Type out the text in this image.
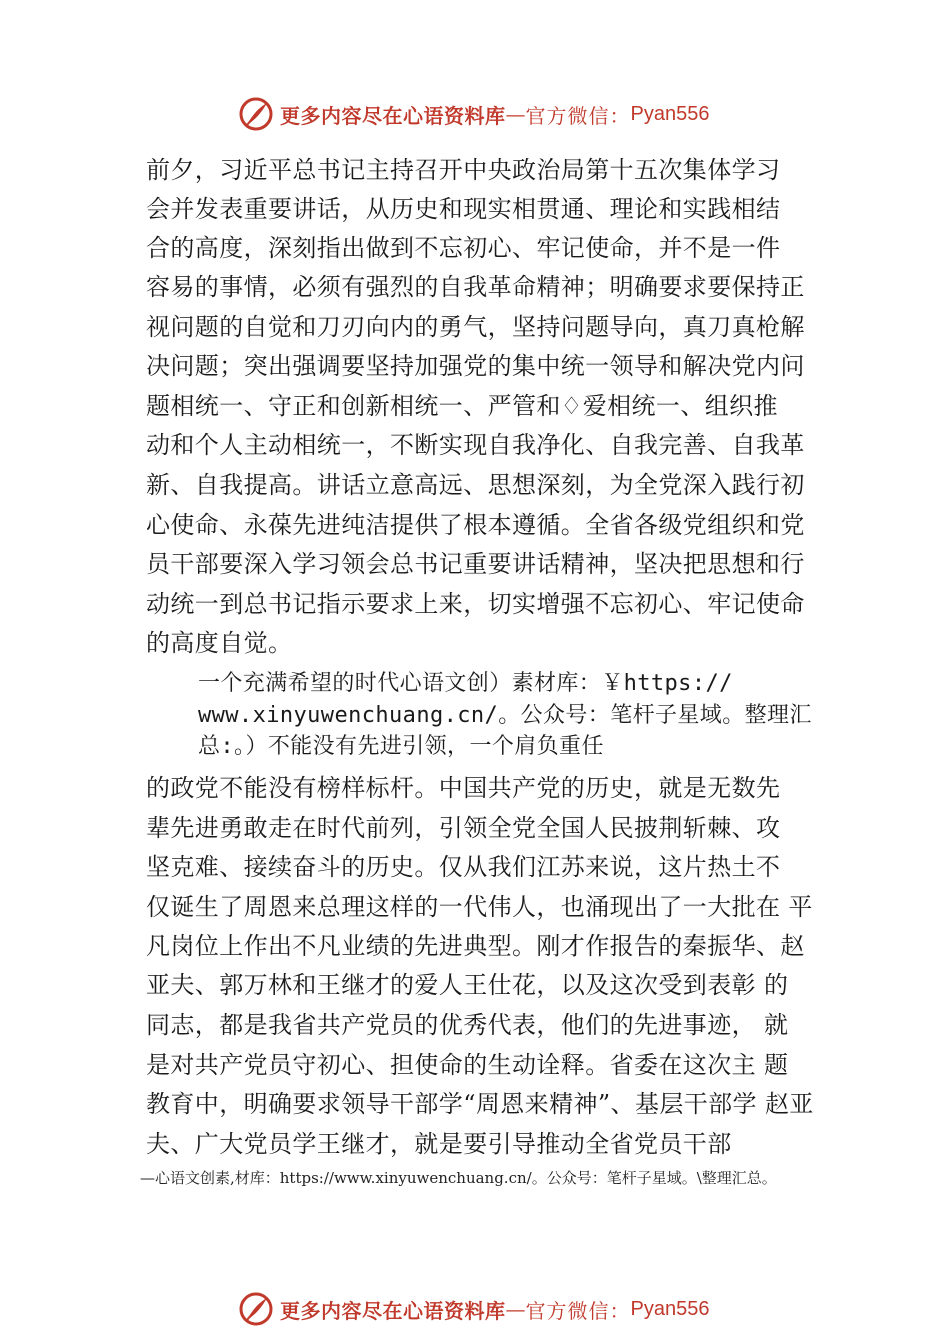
更多内容尽在心语资料库 — 官方微信： Pyan556
前夕，习近平总书记主持召开中央政治局第十五次集体学习
会并发表重要讲话，从历史和现实相贯通、理论和实践相结
合的高度，深刻指出做到不忘初心、牢记使命，并不是一件
容易的事情，必须有强烈的自我革命精神；明确要求要保持正
视问题的自觉和刀刃向内的勇气，坚持问题导向，真刀真枪解
决问题；突出强调要坚持加强党的集中统一领导和解决党内问
题相统一、守正和创新相统一、严管和♢爱相统一、组织推
动和个人主动相统一，不断实现自我净化、自我完善、自我革
新、自我提高。讲话立意高远、思想深刻，为全党深入践行初
心使命、永葆先进纯洁提供了根本遵循。全省各级党组织和党
员干部要深入学习领会总书记重要讲话精神，坚决把思想和行
动统一到总书记指示要求上来，切实增强不忘初心、牢记使命
的高度自觉。
一个充满希望的时代心语文创）素材库：￥https://
www.xinyuwenchuang.cn/。公众号：笔杆子星域。整理汇
总:。）不能没有先进引领，一个肩负重任
的政党不能没有榜样标杆。中国共产党的历史，就是无数先
辈先进勇敢走在时代前列，引领全党全国人民披荆斩棘、攻
坚克难、接续奋斗的历史。仅从我们江苏来说，这片热土不
仅诞生了周恩来总理这样的一代伟人，也涌现出了一大批在 平
凡岗位上作出不凡业绩的先进典型。刚才作报告的秦振华、赵
亚夫、郭万林和王继才的爱人王仕花，以及这次受到表彰 的
同志，都是我省共产党员的优秀代表，他们的先进事迹， 就
是对共产党员守初心、担使命的生动诠释。省委在这次主 题
教育中，明确要求领导干部学“周恩来精神”、基层干部学 赵亚
夫、广大党员学王继才，就是要引导推动全省党员干部
—心语文创素,材库：https://www.xinyuwenchuang.cn/。公众号：笔杆子星域。\整理汇总。
更多内容尽在心语资料库 — 官方微信： Pyan556
